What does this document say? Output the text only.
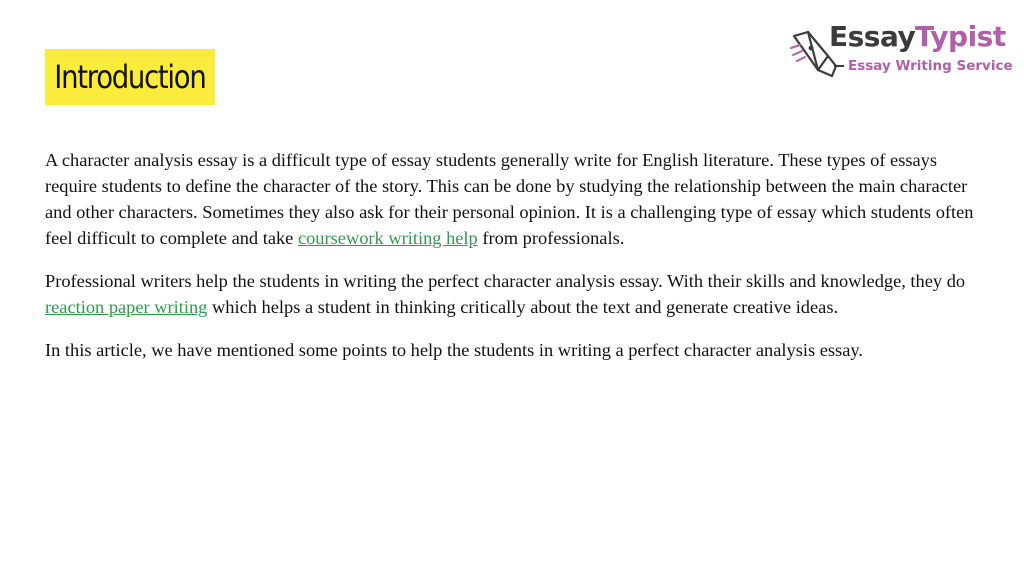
Introduction
Essay Typist
Essay Writing Service

A character analysis essay is a difficult type of essay students generally write for English literature. These types of essays require students to define the character of the story. This can be done by studying the relationship between the main character and other characters. Sometimes they also ask for their personal opinion. It is a challenging type of essay which students often feel difficult to complete and take coursework writing help from professionals.

Professional writers help the students in writing the perfect character analysis essay. With their skills and knowledge, they do reaction paper writing which helps a student in thinking critically about the text and generate creative ideas.

In this article, we have mentioned some points to help the students in writing a perfect character analysis essay.
